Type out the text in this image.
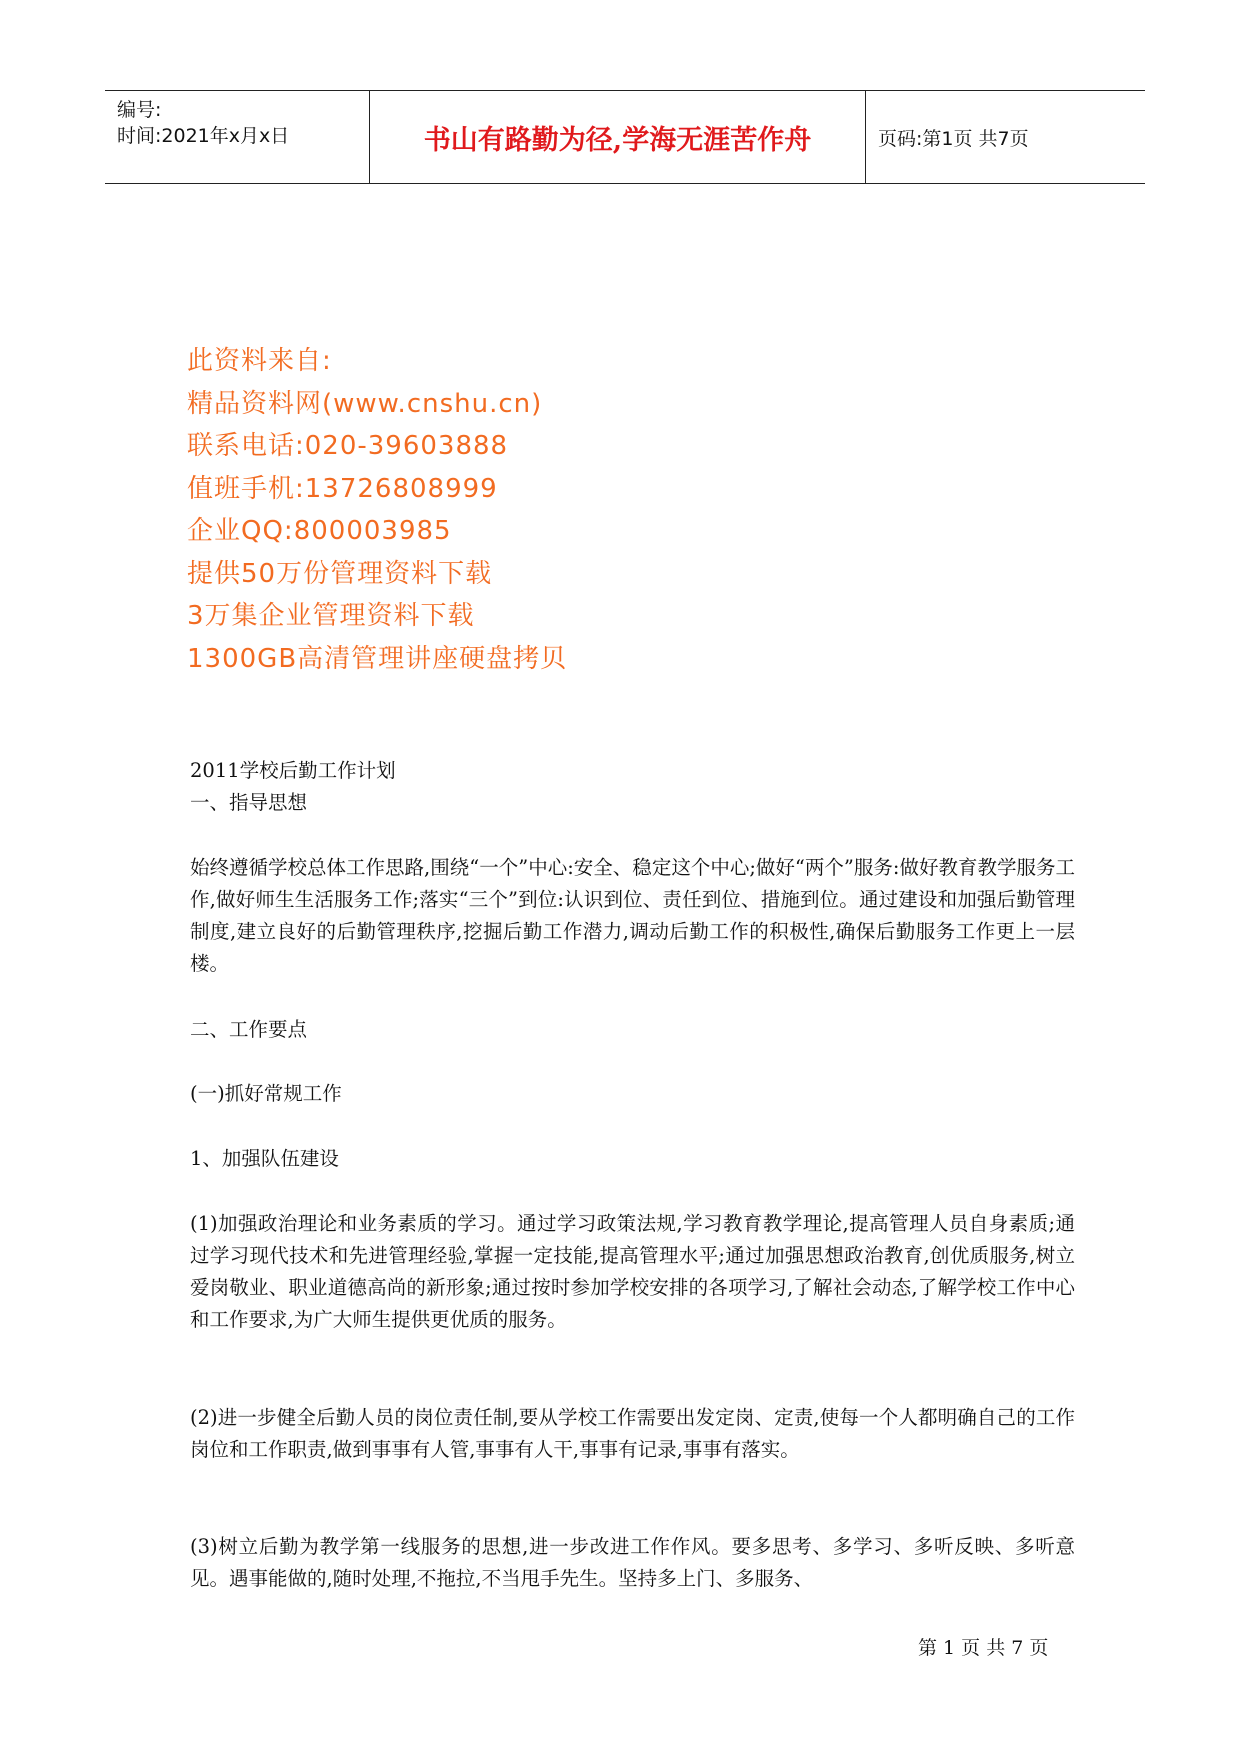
编号:
时间:2021年x月x日	书山有路勤为径,学海无涯苦作舟	页码:第1页 共7页
此资料来自:
精品资料网(www.cnshu.cn)
联系电话:020-39603888
值班手机:13726808999
企业QQ:800003985
提供50万份管理资料下载
3万集企业管理资料下载
1300GB高清管理讲座硬盘拷贝
2011学校后勤工作计划
一、指导思想
始终遵循学校总体工作思路,围绕“一个”中心:安全、稳定这个中心;做好“两个”服务:做好教育教学服务工作,做好师生生活服务工作;落实“三个”到位:认识到位、责任到位、措施到位。通过建设和加强后勤管理制度,建立良好的后勤管理秩序,挖掘后勤工作潜力,调动后勤工作的积极性,确保后勤服务工作更上一层楼。
二、工作要点
(一)抓好常规工作
1、加强队伍建设
(1)加强政治理论和业务素质的学习。通过学习政策法规,学习教育教学理论,提高管理人员自身素质;通过学习现代技术和先进管理经验,掌握一定技能,提高管理水平;通过加强思想政治教育,创优质服务,树立爱岗敬业、职业道德高尚的新形象;通过按时参加学校安排的各项学习,了解社会动态,了解学校工作中心和工作要求,为广大师生提供更优质的服务。
(2)进一步健全后勤人员的岗位责任制,要从学校工作需要出发定岗、定责,使每一个人都明确自己的工作岗位和工作职责,做到事事有人管,事事有人干,事事有记录,事事有落实。
(3)树立后勤为教学第一线服务的思想,进一步改进工作作风。要多思考、多学习、多听反映、多听意见。遇事能做的,随时处理,不拖拉,不当甩手先生。坚持多上门、多服务、
第 1 页 共 7 页
